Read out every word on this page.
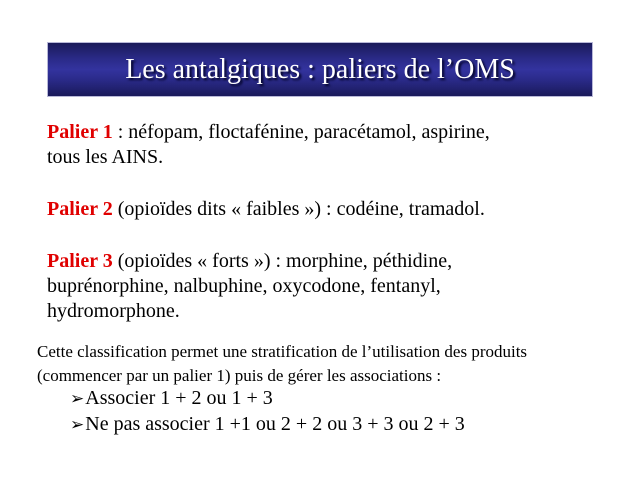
Les antalgiques : paliers de l’OMS
Palier 1 : néfopam, floctafénine, paracétamol, aspirine,
tous les AINS.
Palier 2 (opioïdes dits « faibles ») : codéine, tramadol.
Palier 3 (opioïdes « forts ») : morphine, péthidine,
buprénorphine, nalbuphine, oxycodone, fentanyl,
hydromorphone.
Cette classification permet une stratification de l’utilisation des produits
(commencer par un palier 1) puis de gérer les associations :
➢Associer 1 + 2 ou 1 + 3
➢Ne pas associer 1 +1 ou 2 + 2 ou 3 + 3 ou 2 + 3
